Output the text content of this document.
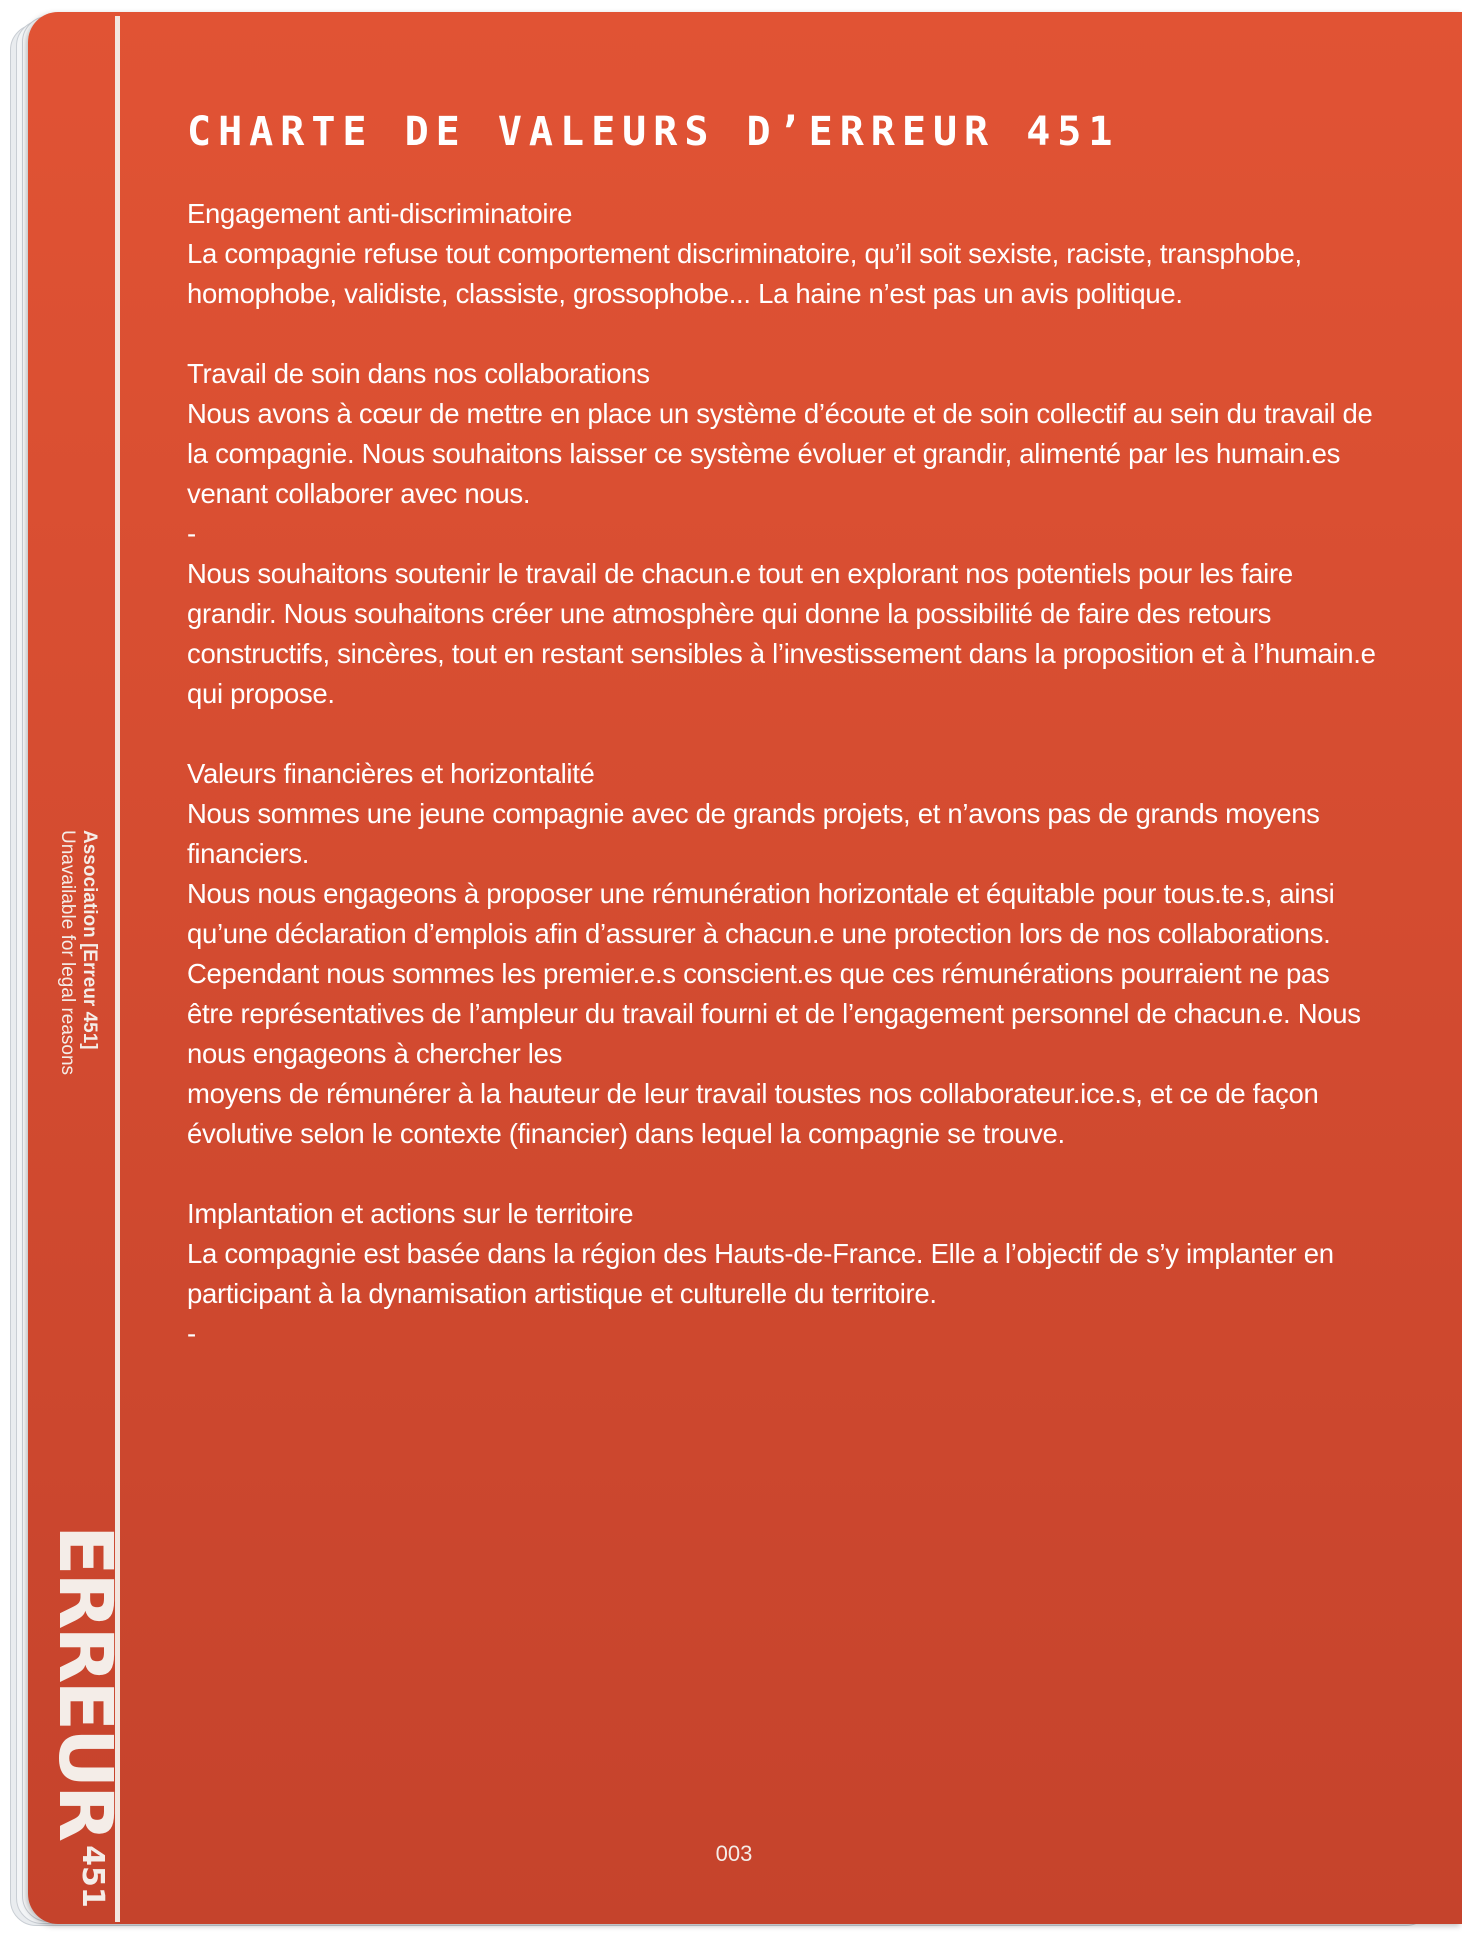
Association [Erreur 451]
Unavailable for legal reasons
ERREUR451
CHARTE DE VALEURS D’ERREUR 451
Engagement anti-discriminatoire

La compagnie refuse tout comportement discriminatoire, qu’il soit sexiste, raciste, transphobe, homophobe, validiste, classiste, grossophobe... La haine n’est pas un avis politique.

Travail de soin dans nos collaborations

Nous avons à cœur de mettre en place un système d’écoute et de soin collectif au sein du travail de la compagnie. Nous souhaitons laisser ce système évoluer et grandir, alimenté par les humain.es venant collaborer avec nous.

-

Nous souhaitons soutenir le travail de chacun.e tout en explorant nos potentiels pour les faire grandir. Nous souhaitons créer une atmosphère qui donne la possibilité de faire des retours constructifs, sincères, tout en restant sensibles à l’investissement dans la proposition et à l’humain.e qui propose.

Valeurs financières et horizontalité

Nous sommes une jeune compagnie avec de grands projets, et n’avons pas de grands moyens financiers.

Nous nous engageons à proposer une rémunération horizontale et équitable pour tous.te.s, ainsi qu’une déclaration d’emplois afin d’assurer à chacun.e une protection lors de nos collaborations. Cependant nous sommes les premier.e.s conscient.es que ces rémunérations pourraient ne pas être représentatives de l’ampleur du travail fourni et de l’engagement personnel de chacun.e. Nous nous engageons à chercher les

moyens de rémunérer à la hauteur de leur travail toustes nos collaborateur.ice.s, et ce de façon évolutive selon le contexte (financier) dans lequel la compagnie se trouve.

Implantation et actions sur le territoire

La compagnie est basée dans la région des Hauts-de-France. Elle a l’objectif de s’y implanter en participant à la dynamisation artistique et culturelle du territoire.

-

003
